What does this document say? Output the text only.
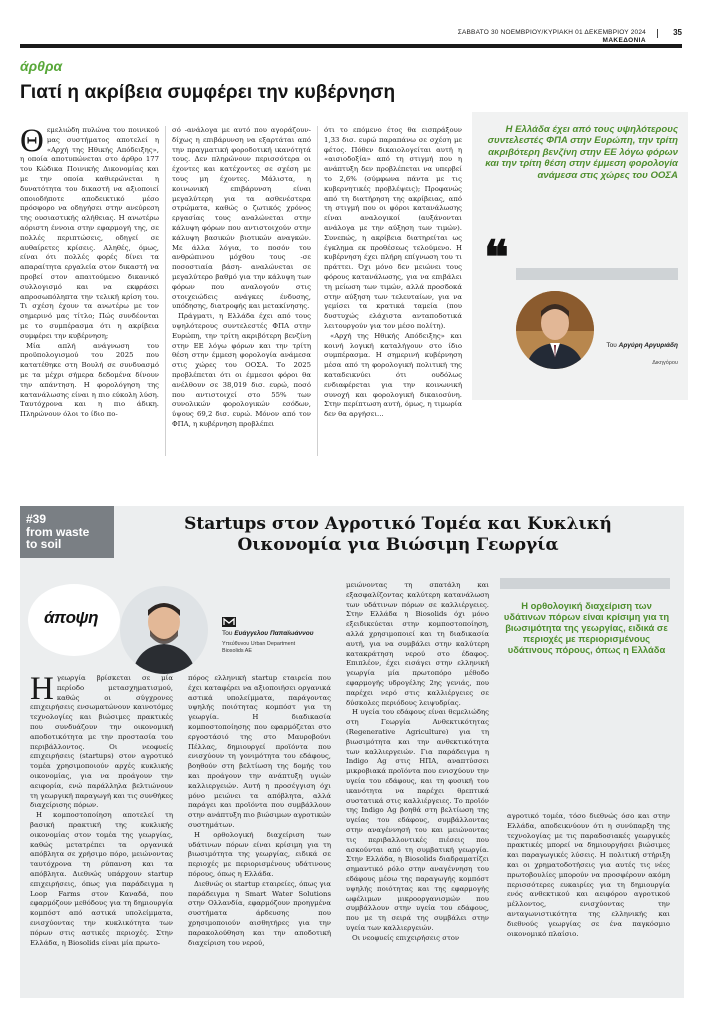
ΣΑΒΒΑΤΟ 30 ΝΟΕΜΒΡΙΟΥ/ΚΥΡΙΑΚΗ 01 ΔΕΚΕΜΒΡΙΟΥ 2024	35
ΜΑΚΕΔΟΝΙΑ
άρθρα
Γιατί η ακρίβεια συμφέρει την κυβέρνηση

Θεμελιώδη πυλώνα του ποινικού μας συστήματος αποτελεί η «Αρχή της Ηθικής Απόδειξης», η οποία αποτυπώνεται στο άρθρο 177 του Κώδικα Ποινικής Δικονομίας και με την οποία καθιερώνεται η δυνατότητα του δικαστή να αξιοποιεί οποιοδήποτε αποδεικτικό μέσο πρόσφορο να οδηγήσει στην ανεύρεση της ουσιαστικής αλήθειας. Η ανωτέρω αόριστη έννοια στην εφαρμογή της, σε πολλές περιπτώσεις, οδηγεί σε αυθαίρετες κρίσεις. Αληθές, όμως, είναι ότι πολλές φορές δίνει τα απαραίτητα εργαλεία στον δικαστή να προβεί στον απαιτούμενο δικανικό συλλογισμό και να εκφράσει απροσωπόληπτα την τελική κρίση του. Τι σχέση έχουν τα ανωτέρω με τον σημερινό μας τίτλο; Πώς συνδέονται με το συμπέρασμα ότι η ακρίβεια συμφέρει την κυβέρνηση;

Μία απλή ανάγνωση του προϋπολογισμού του 2025 που κατατέθηκε στη Βουλή σε συνδυασμό με τα μέχρι σήμερα δεδομένα δίνουν την απάντηση. Η φορολόγηση της κατανάλωσης είναι η πιο εύκολη λύση. Ταυτόχρονα και η πιο άδικη. Πληρώνουν όλοι το ίδιο πο-

σό -ανάλογα με αυτό που αγοράζουν- δίχως η επιβάρυνση να εξαρτάται από την πραγματική φοροδοτική ικανότητά τους. Δεν πληρώνουν περισσότερα οι έχοντες και κατέχοντες σε σχέση με τους μη έχοντες. Μάλιστα, η κοινωνική επιβάρυνση είναι μεγαλύτερη για τα ασθενέστερα στρώματα, καθώς ο ζωτικός χρόνος εργασίας τους αναλώνεται στην κάλυψη φόρων που αντιστοιχούν στην κάλυψη βασικών βιοτικών αναγκών. Με άλλα λόγια, το ποσόν του ανθρώπινου μόχθου τους -σε ποσοστιαία βάση- αναλώνεται σε μεγαλύτερο βαθμό για την κάλυψη των φόρων που αναλογούν στις στοιχειώδεις ανάγκες ένδυσης, υπόδησης, διατροφής και μετακίνησης.

Πράγματι, η Ελλάδα έχει από τους υψηλότερους συντελεστές ΦΠΑ στην Ευρώπη, την τρίτη ακριβότερη βενζίνη στην ΕΕ λόγω φόρων και την τρίτη θέση στην έμμεση φορολογία ανάμεσα στις χώρες του ΟΟΣΑ. Το 2025 προβλέπεται ότι οι έμμεσοι φόροι θα ανέλθουν σε 38,019 δισ. ευρώ, ποσό που αντιστοιχεί στο 55% των συνολικών φορολογικών εσόδων, ύψους 69,2 δισ. ευρώ. Μόνον από τον ΦΠΑ, η κυβέρνηση προβλέπει

ότι το επόμενο έτος θα εισπράξουν 1,33 δισ. ευρώ παραπάνω σε σχέση με φέτος. Πόθεν δικαιολογείται αυτή η «αισιοδοξία» από τη στιγμή που η ανάπτυξη δεν προβλέπεται να υπερβεί το 2,6% (σύμφωνα πάντα με τις κυβερνητικές προβλέψεις); Προφανώς από τη διατήρηση της ακρίβειας, από τη στιγμή που οι φόροι κατανάλωσης είναι αναλογικοί (αυξάνονται ανάλογα με την αύξηση των τιμών). Συνεπώς, η ακρίβεια διατηρείται ως έγκλημα εκ προθέσεως τελούμενο. Η κυβέρνηση έχει πλήρη επίγνωση του τι πράττει. Όχι μόνο δεν μειώνει τους φόρους κατανάλωσης, για να επιβάλει τη μείωση των τιμών, αλλά προσδοκά στην αύξηση των τελευταίων, για να γεμίσει τα κρατικά ταμεία (που δυστυχώς ελάχιστα ανταποδοτικά λειτουργούν για τον μέσο πολίτη).

«Αρχή της Ηθικής Απόδειξης» και κοινή λογική καταλήγουν στο ίδιο συμπέρασμα. Η σημερινή κυβέρνηση μέσα από τη φορολογική πολιτική της καταδεικνύει ότι ουδόλως ενδιαφέρεται για την κοινωνική συνοχή και φορολογική δικαιοσύνη. Στην περίπτωση αυτή, όμως, η τιμωρία δεν θα αργήσει...

Η Ελλάδα έχει από τους υψηλότερους συντελεστές ΦΠΑ στην Ευρώπη, την τρίτη ακριβότερη βενζίνη στην ΕΕ λόγω φόρων και την τρίτη θέση στην έμμεση φορολογία ανάμεσα στις χώρες του ΟΟΣΑ
❝
Του Αργύρη Αργυριάδη
Δικηγόρου
#39
from waste
to soil
Startups στον Αγροτικό Τομέα και Κυκλική Οικονομία για Βιώσιμη Γεωργία
άποψη
Του Ευάγγελου Παπαϊωάννου
Υπεύθυνου Urban Department
Biosolids AE

Ηγεωργία βρίσκεται σε μία περίοδο μετασχηματισμού, καθώς οι σύγχρονες επιχειρήσεις ενσωματώνουν καινοτόμες τεχνολογίες και βιώσιμες πρακτικές που συνδυάζουν την οικονομική αποδοτικότητα με την προστασία του περιβάλλοντος. Οι νεοφυείς επιχειρήσεις (startups) στον αγροτικό τομέα χρησιμοποιούν αρχές κυκλικής οικονομίας, για να προάγουν την αειφορία, ενώ παράλληλα βελτιώνουν τη γεωργική παραγωγή και τις συνθήκες διαχείρισης πόρων.

Η κομποστοποίηση αποτελεί τη βασική πρακτική της κυκλικής οικονομίας στον τομέα της γεωργίας, καθώς μετατρέπει τα οργανικά απόβλητα σε χρήσιμο πόρο, μειώνοντας ταυτόχρονα τη ρύπανση και τα απόβλητα. Διεθνώς υπάρχουν startup επιχειρήσεις, όπως για παράδειγμα η Loop Farms στον Καναδά, που εφαρμόζουν μεθόδους για τη δημιουργία κομπόστ από αστικά υπολείμματα, ενισχύοντας την κυκλικότητα των πόρων στις αστικές περιοχές. Στην Ελλάδα, η Biosolids είναι μία πρωτο-

πόρος ελληνική startup εταιρεία που έχει καταφέρει να αξιοποιήσει οργανικά αστικά υπολείμματα, παράγοντας υψηλής ποιότητας κομπόστ για τη γεωργία. Η διαδικασία κομποστοποίησης που εφαρμόζεται στο εργοστάσιό της στο Μαυροβούνι Πέλλας, δημιουργεί προϊόντα που ενισχύουν τη γονιμότητα του εδάφους, βοηθούν στη βελτίωση της δομής του και προάγουν την ανάπτυξη υγιών καλλιεργειών. Αυτή η προσέγγιση όχι μόνο μειώνει τα απόβλητα, αλλά παράγει και προϊόντα που συμβάλλουν στην ανάπτυξη πιο βιώσιμων αγροτικών συστημάτων.

Η ορθολογική διαχείριση των υδάτινων πόρων είναι κρίσιμη για τη βιωσιμότητα της γεωργίας, ειδικά σε περιοχές με περιορισμένους υδάτινους πόρους, όπως η Ελλάδα.

Διεθνώς οι startup εταιρείες, όπως για παράδειγμα η Smart Water Solutions στην Ολλανδία, εφαρμόζουν προηγμένα συστήματα άρδευσης που χρησιμοποιούν αισθητήρες για την παρακολούθηση και την αποδοτική διαχείριση του νερού,

μειώνοντας τη σπατάλη και εξασφαλίζοντας καλύτερη κατανάλωση των υδάτινων πόρων σε καλλιέργειες. Στην Ελλάδα η Biosolids όχι μόνο εξειδικεύεται στην κομποστοποίηση, αλλά χρησιμοποιεί και τη διαδικασία αυτή, για να συμβάλει στην καλύτερη κατακράτηση νερού στο έδαφος. Επιπλέον, έχει εισάγει στην ελληνική γεωργία μία πρωτοπόρο μέθοδο εφαρμογής υδρογέλης 2ης γενιάς, που παρέχει νερό στις καλλιέργειες σε δύσκολες περιόδους λειψυδρίας.

Η υγεία του εδάφους είναι θεμελιώδης στη Γεωργία Ανθεκτικότητας (Regenerative Agriculture) για τη βιωσιμότητα και την ανθεκτικότητα των καλλιεργειών. Για παράδειγμα η Indigo Ag στις ΗΠΑ, αναπτύσσει μικροβιακά προϊόντα που ενισχύουν την υγεία του εδάφους, και τη φυσική του ικανότητα να παρέχει θρεπτικά συστατικά στις καλλιέργειες. Το προϊόν της Indigo Ag βοηθά στη βελτίωση της υγείας του εδάφους, συμβάλλοντας στην αναγέννησή του και μειώνοντας τις περιβαλλοντικές πιέσεις που ασκούνται από τη συμβατική γεωργία. Στην Ελλάδα, η Biosolids διαδραματίζει σημαντικό ρόλο στην αναγέννηση του εδάφους μέσω της παραγωγής κομπόστ υψηλής ποιότητας και της εφαρμογής ωφέλιμων μικροοργανισμών που συμβάλλουν στην υγεία του εδάφους, που με τη σειρά της συμβάλει στην υγεία των καλλιεργειών.

Οι νεοφυείς επιχειρήσεις στον

αγροτικό τομέα, τόσο διεθνώς όσο και στην Ελλάδα, αποδεικνύουν ότι η συνύπαρξη της τεχνολογίας με τις παραδοσιακές γεωργικές πρακτικές μπορεί να δημιουργήσει βιώσιμες και παραγωγικές λύσεις. Η πολιτική στήριξη και οι χρηματοδοτήσεις για αυτές τις νέες πρωτοβουλίες μπορούν να προσφέρουν ακόμη περισσότερες ευκαιρίες για τη δημιουργία ενός ανθεκτικού και αειφόρου αγροτικού μέλλοντος, ενισχύοντας την ανταγωνιστικότητα της ελληνικής και διεθνούς γεωργίας σε ένα παγκόσμιο οικονομικό πλαίσιο.

Η ορθολογική διαχείριση των υδάτινων πόρων είναι κρίσιμη για τη βιωσιμότητα της γεωργίας, ειδικά σε περιοχές με περιορισμένους υδάτινους πόρους, όπως η Ελλάδα
